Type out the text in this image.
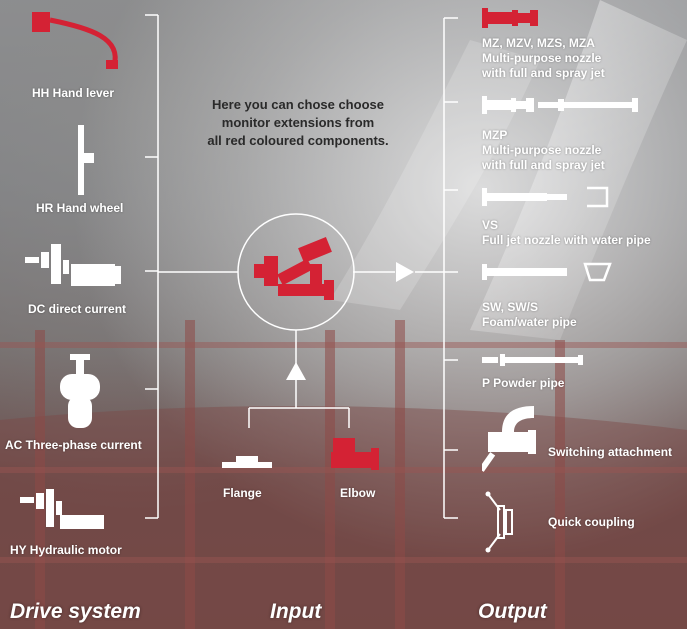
Here you can chose choose
monitor extensions from
all red coloured components.
HH Hand lever
HR Hand wheel
DC direct current
AC Three-phase current
HY Hydraulic motor
Flange	Elbow
MZ, MZV, MZS, MZA
Multi-purpose nozzle
with full and spray jet
MZP
Multi-purpose nozzle
with full and spray jet
VS
Full jet nozzle with water pipe
SW, SW/S
Foam/water pipe
P Powder pipe
Switching attachment
Quick coupling
Drive system	Input	Output
